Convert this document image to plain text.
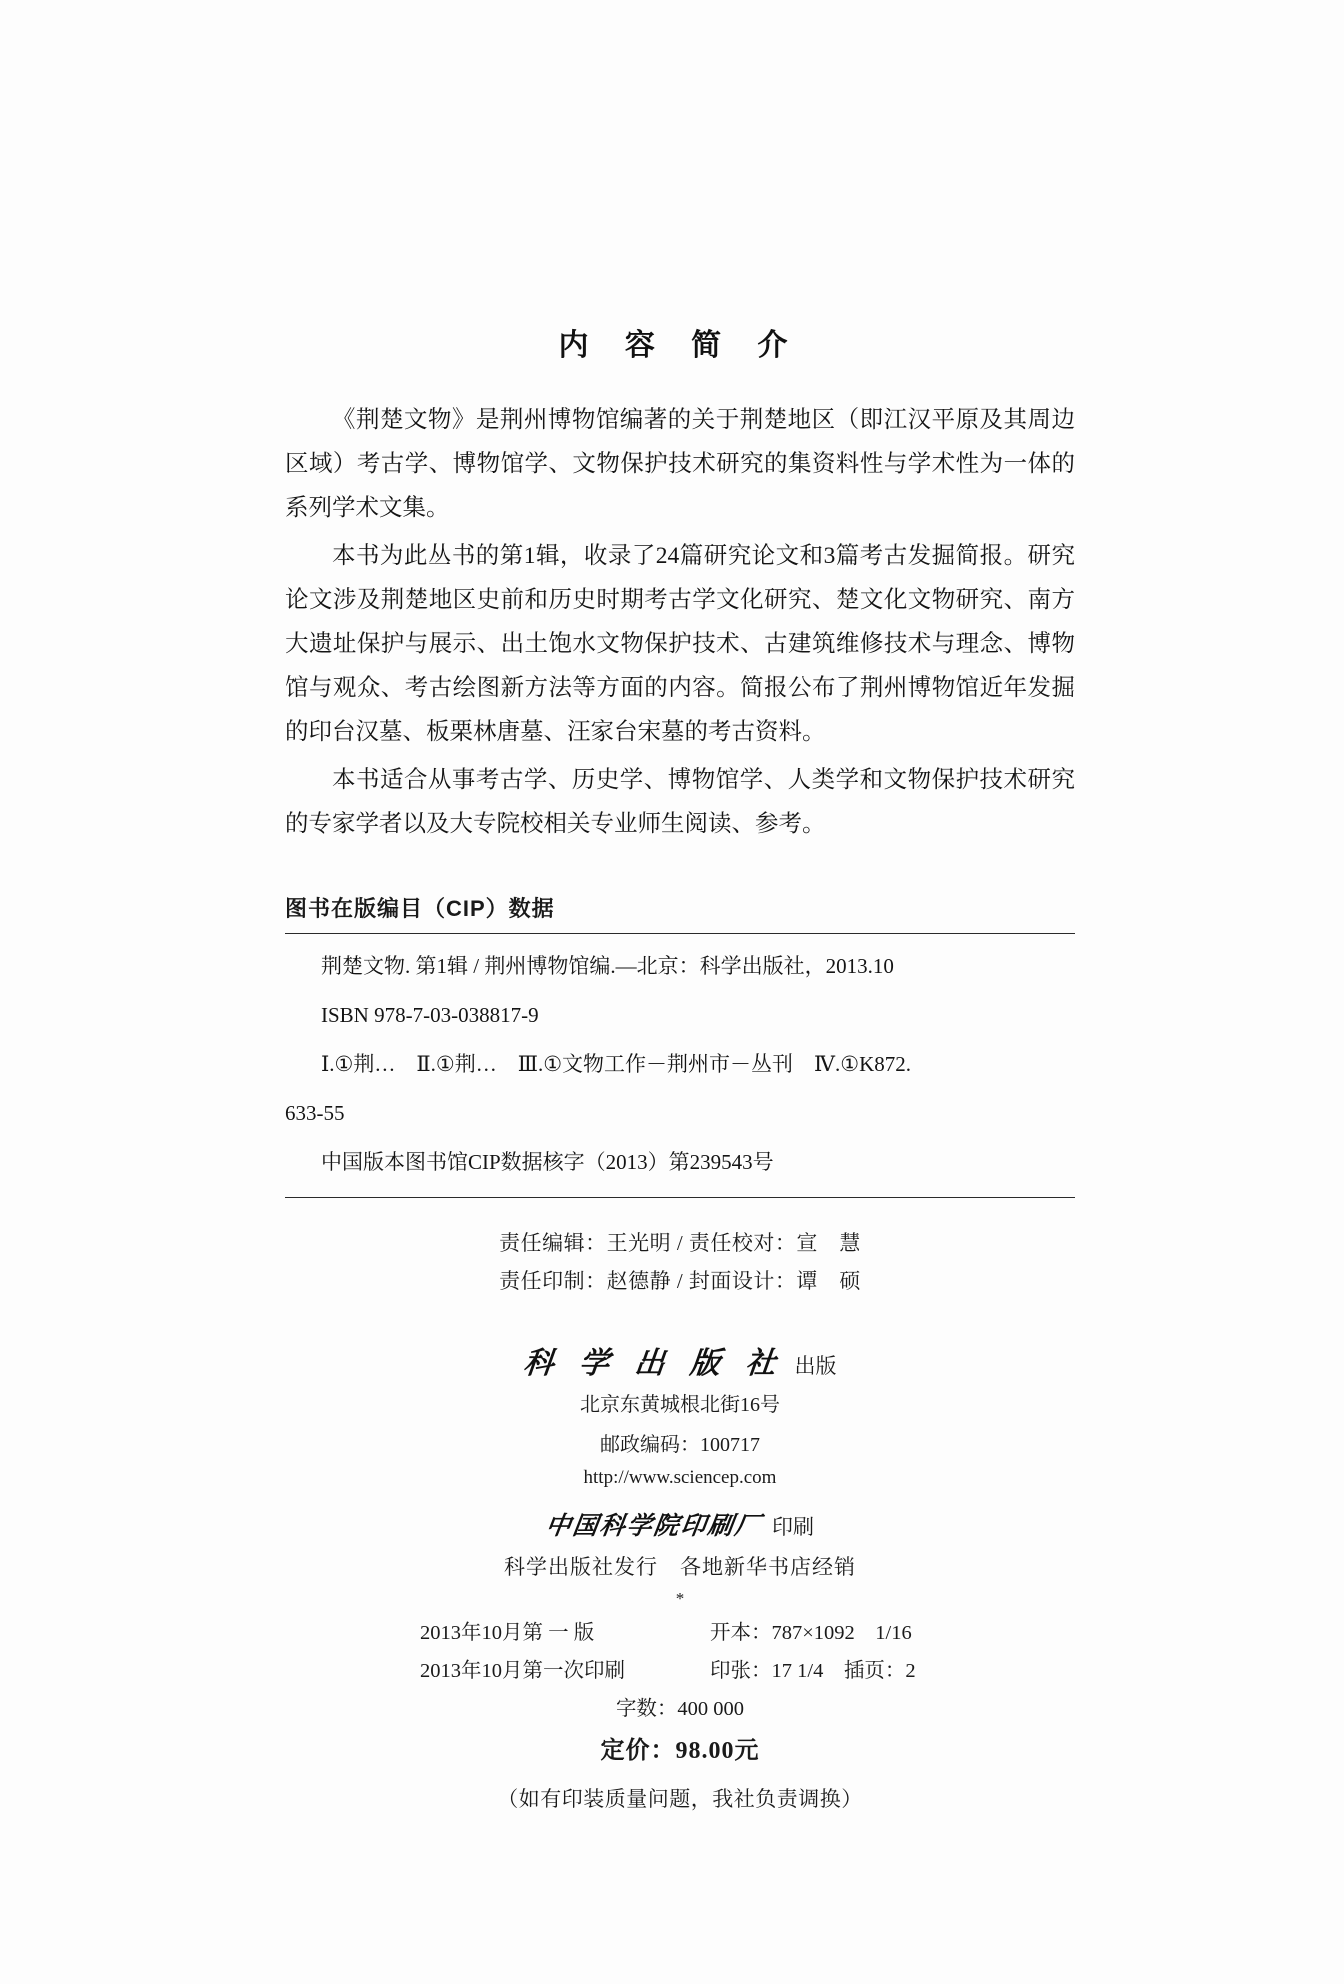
内 容 简 介

《荆楚文物》是荆州博物馆编著的关于荆楚地区（即江汉平原及其周边区域）考古学、博物馆学、文物保护技术研究的集资料性与学术性为一体的系列学术文集。

本书为此丛书的第1辑，收录了24篇研究论文和3篇考古发掘简报。研究论文涉及荆楚地区史前和历史时期考古学文化研究、楚文化文物研究、南方大遗址保护与展示、出土饱水文物保护技术、古建筑维修技术与理念、博物馆与观众、考古绘图新方法等方面的内容。简报公布了荆州博物馆近年发掘的印台汉墓、板栗林唐墓、汪家台宋墓的考古资料。

本书适合从事考古学、历史学、博物馆学、人类学和文物保护技术研究的专家学者以及大专院校相关专业师生阅读、参考。

图书在版编目（CIP）数据

荆楚文物. 第1辑 / 荆州博物馆编.—北京：科学出版社，2013.10

ISBN 978-7-03-038817-9

Ⅰ.①荆…　Ⅱ.①荆…　Ⅲ.①文物工作－荆州市－丛刊　Ⅳ.①K872.

633-55

中国版本图书馆CIP数据核字（2013）第239543号

责任编辑：王光明 / 责任校对：宣　慧
责任印制：赵德静 / 封面设计：谭　硕
科 学 出 版 社 出版
北京东黄城根北街16号
邮政编码：100717
http://www.sciencep.com
中国科学院印刷厂 印刷
科学出版社发行　各地新华书店经销
*
2013年10月第 一 版	开本：787×1092　1/16
2013年10月第一次印刷	印张：17 1/4　插页：2
字数：400 000
定价：98.00元
（如有印装质量问题，我社负责调换）
